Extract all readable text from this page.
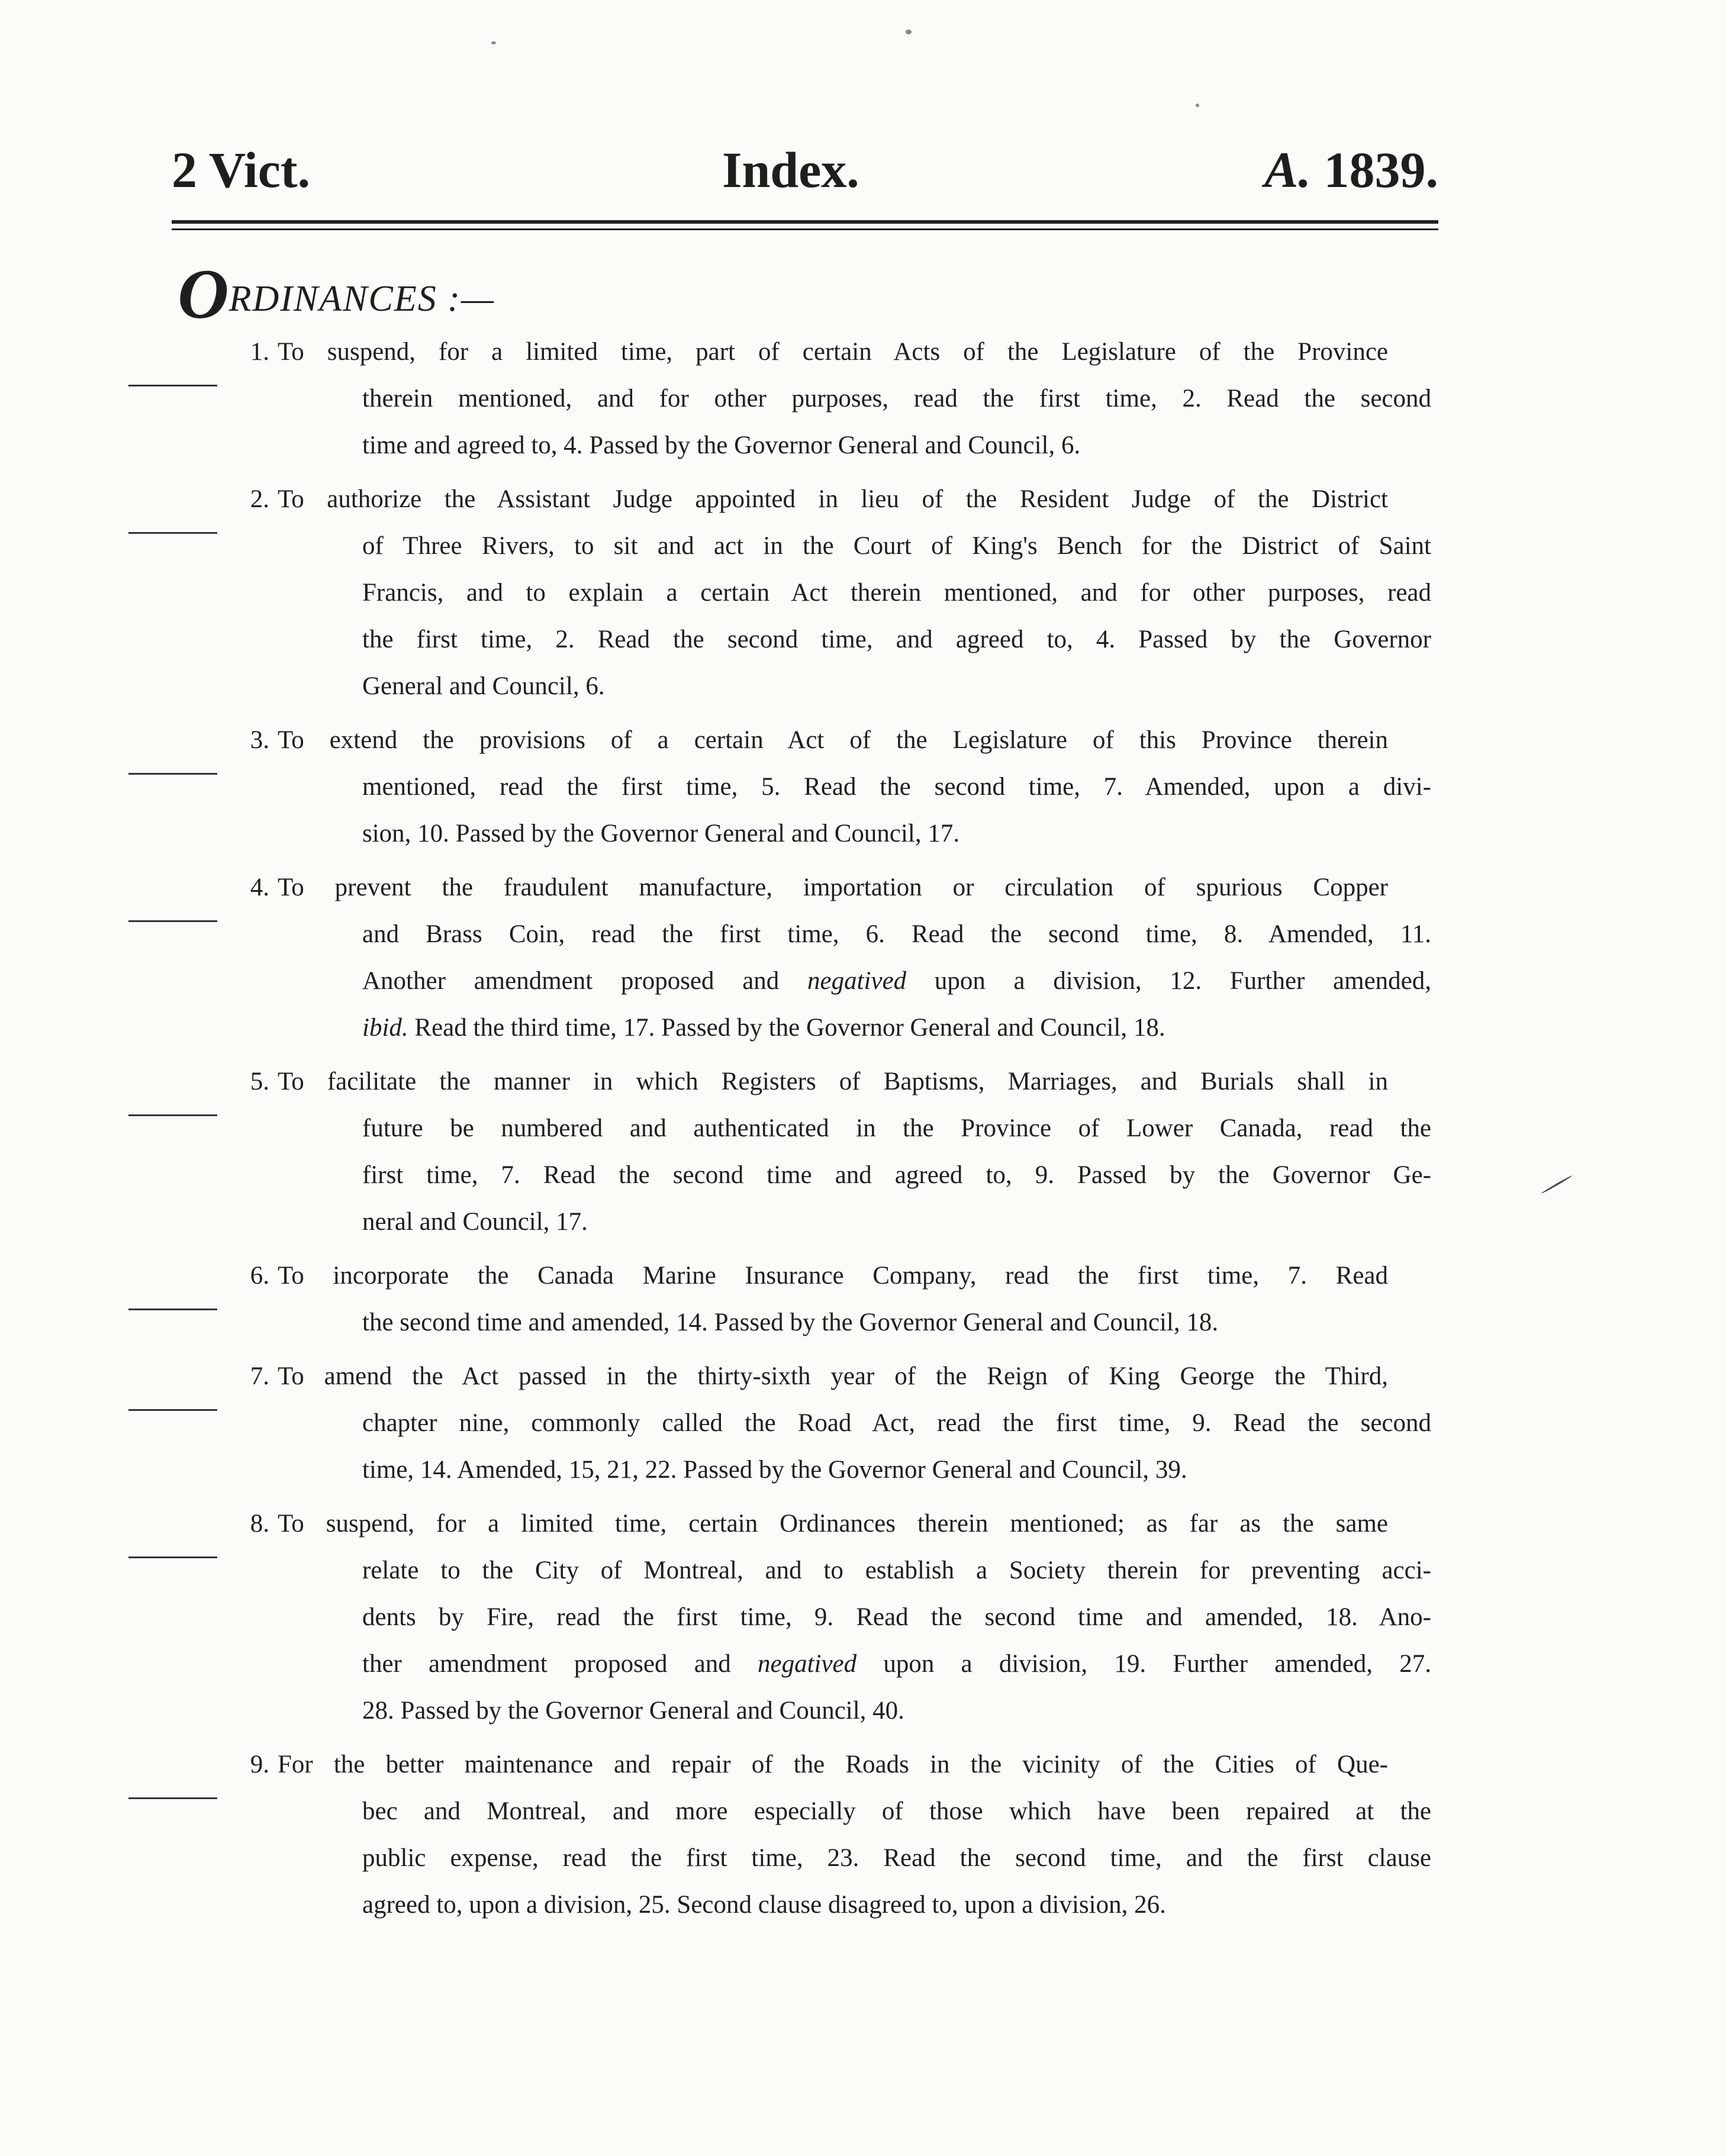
2 Vict.	Index.	A. 1839.
ORDINANCES :—
1. To suspend, for a limited time, part of certain Acts of the Legislature of the Province
therein mentioned, and for other purposes, read the first time, 2. Read the second
time and agreed to, 4. Passed by the Governor General and Council, 6.
2. To authorize the Assistant Judge appointed in lieu of the Resident Judge of the District
of Three Rivers, to sit and act in the Court of King's Bench for the District of Saint
Francis, and to explain a certain Act therein mentioned, and for other purposes, read
the first time, 2. Read the second time, and agreed to, 4. Passed by the Governor
General and Council, 6.
3. To extend the provisions of a certain Act of the Legislature of this Province therein
mentioned, read the first time, 5. Read the second time, 7. Amended, upon a divi-
sion, 10. Passed by the Governor General and Council, 17.
4. To prevent the fraudulent manufacture, importation or circulation of spurious Copper
and Brass Coin, read the first time, 6. Read the second time, 8. Amended, 11.
Another amendment proposed and negatived upon a division, 12. Further amended,
ibid. Read the third time, 17. Passed by the Governor General and Council, 18.
5. To facilitate the manner in which Registers of Baptisms, Marriages, and Burials shall in
future be numbered and authenticated in the Province of Lower Canada, read the
first time, 7. Read the second time and agreed to, 9. Passed by the Governor Ge-
neral and Council, 17.
6. To incorporate the Canada Marine Insurance Company, read the first time, 7. Read
the second time and amended, 14. Passed by the Governor General and Council, 18.
7. To amend the Act passed in the thirty-sixth year of the Reign of King George the Third,
chapter nine, commonly called the Road Act, read the first time, 9. Read the second
time, 14. Amended, 15, 21, 22. Passed by the Governor General and Council, 39.
8. To suspend, for a limited time, certain Ordinances therein mentioned; as far as the same
relate to the City of Montreal, and to establish a Society therein for preventing acci-
dents by Fire, read the first time, 9. Read the second time and amended, 18. Ano-
ther amendment proposed and negatived upon a division, 19. Further amended, 27.
28. Passed by the Governor General and Council, 40.
9. For the better maintenance and repair of the Roads in the vicinity of the Cities of Que-
bec and Montreal, and more especially of those which have been repaired at the
public expense, read the first time, 23. Read the second time, and the first clause
agreed to, upon a division, 25. Second clause disagreed to, upon a division, 26.
